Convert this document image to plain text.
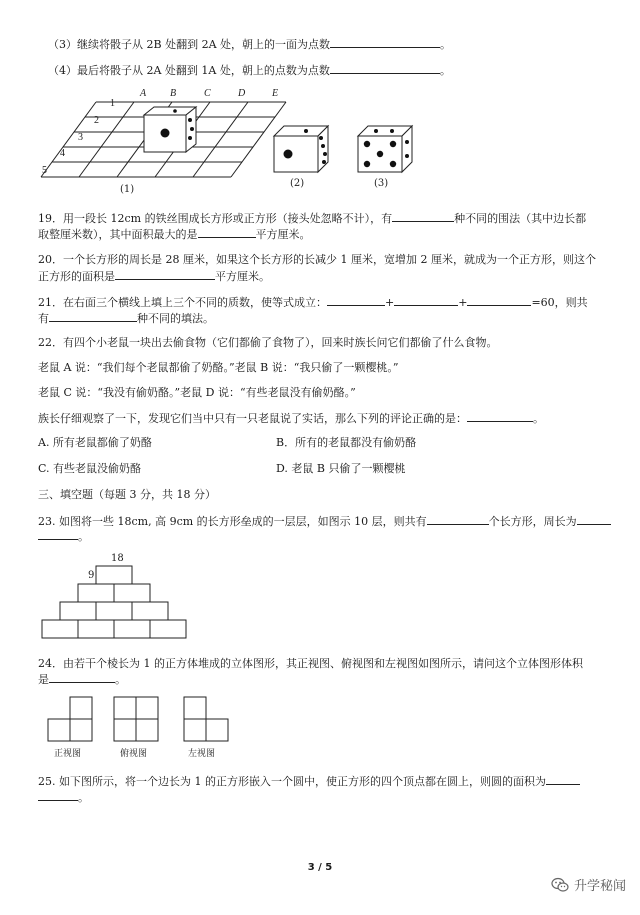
（3）继续将骰子从 2B 处翻到 2A 处，朝上的一面为点数	。
（4）最后将骰子从 2A 处翻到 1A 处，朝上的点数为点数	。
A B	C	D	E
1
2
3
4
5
(1)
(2)	(3)
19．用一段长 12cm 的铁丝围成长方形或正方形（接头处忽略不计），有	种不同的围法（其中边长都
取整厘米数），其中面积最大的是	平方厘米。
20．一个长方形的周长是 28 厘米，如果这个长方形的长减少 1 厘米，宽增加 2 厘米，就成为一个正方形，则这个
正方形的面积是	平方厘米。
21．在右面三个横线上填上三个不同的质数，使等式成立：	+	+	=60，则共
有	种不同的填法。
22．有四个小老鼠一块出去偷食物（它们都偷了食物了），回来时族长问它们都偷了什么食物。
老鼠 A 说：“我们每个老鼠都偷了奶酪。”老鼠 B 说：“我只偷了一颗樱桃。”
老鼠 C 说：“我没有偷奶酪。”老鼠 D 说：“有些老鼠没有偷奶酪。”
族长仔细观察了一下，发现它们当中只有一只老鼠说了实话，那么下列的评论正确的是：	。
A. 所有老鼠都偷了奶酪	B．所有的老鼠都没有偷奶酪
C. 有些老鼠没偷奶酪	D. 老鼠 B 只偷了一颗樱桃
三、填空题（每题 3 分，共 18 分）
23. 如图将一些 18cm, 高 9cm 的长方形垒成的一层层，如图示 10 层，则共有	个长方形，周长为
。
18
9
24．由若干个棱长为 1 的正方体堆成的立体图形，其正视图、俯视图和左视图如图所示，请问这个立体图形体积
是	。
正视图	俯视图	左视图
25. 如下图所示，将一个边长为 1 的正方形嵌入一个圆中，使正方形的四个顶点都在圆上，则圆的面积为
。
3 / 5
升学秘闻
